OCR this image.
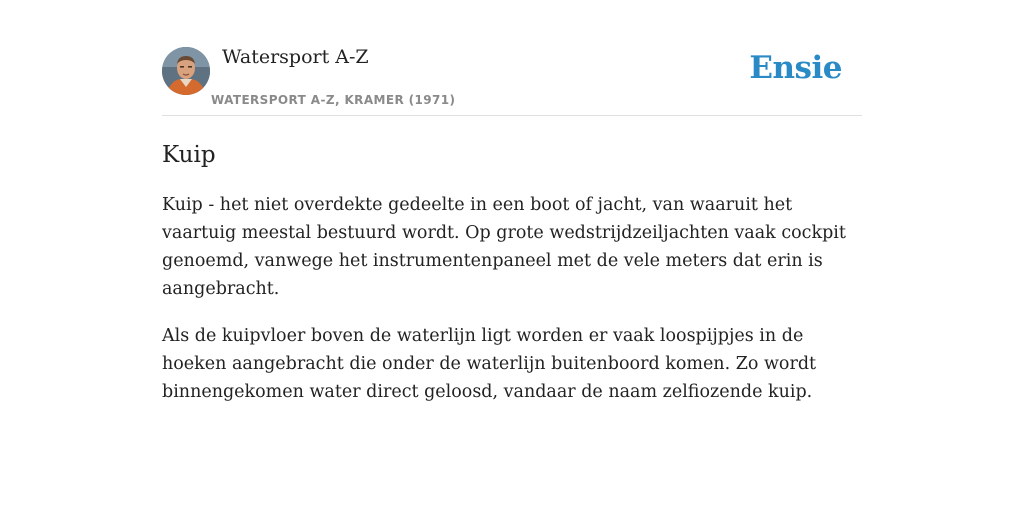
Watersport A-Z
WATERSPORT A-Z, KRAMER (1971)
Ensie
Kuip

Kuip - het niet overdekte gedeelte in een boot of jacht, van waaruit het vaartuig meestal bestuurd wordt. Op grote wedstrijdzeiljachten vaak cockpit genoemd, vanwege het instrumentenpaneel met de vele meters dat erin is aangebracht.

Als de kuipvloer boven de waterlijn ligt worden er vaak loospijpjes in de hoeken aangebracht die onder de waterlijn buitenboord komen. Zo wordt binnengekomen water direct geloosd, vandaar de naam zelfiozende kuip.
